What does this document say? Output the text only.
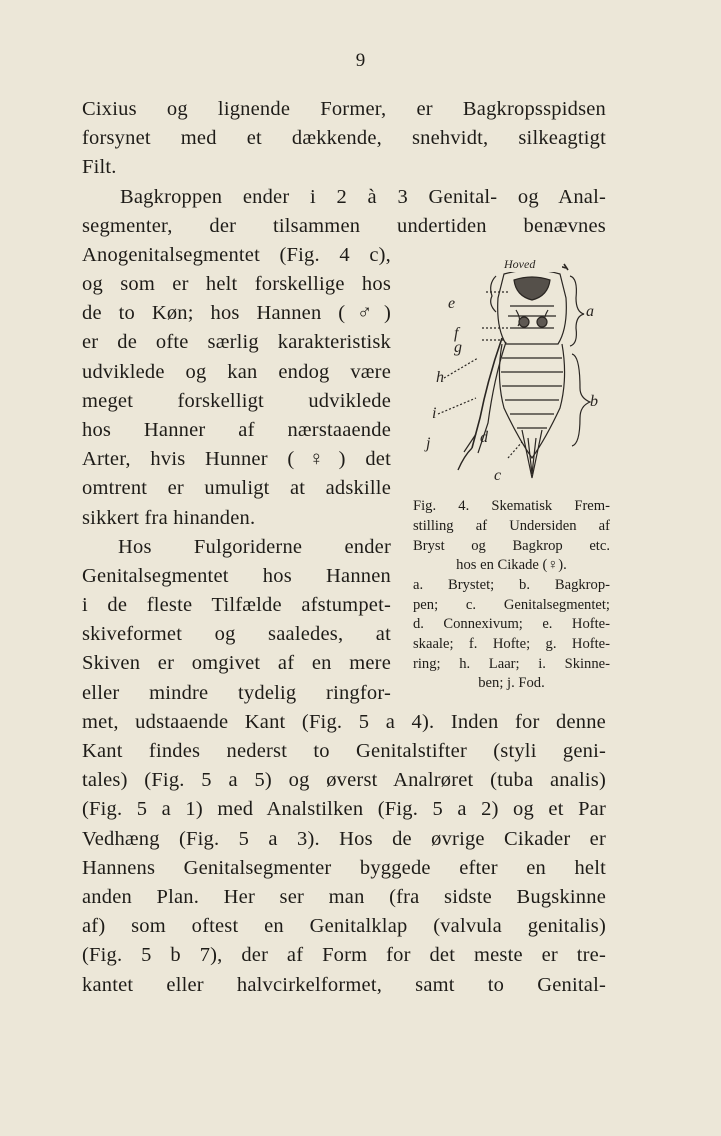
9
Cixius og lignende Former, er Bagkropsspidsen
forsynet med et dækkende, snehvidt, silkeagtigt
Filt.
Bagkroppen ender i 2 à 3 Genital- og Anal-
segmenter, der tilsammen undertiden benævnes
Anogenitalsegmentet (Fig. 4 c),
og som er helt forskellige hos
de to Køn; hos Hannen (♂)
er de ofte særlig karakteristisk
udviklede og kan endog være
meget forskelligt udviklede
hos Hanner af nærstaaende
Arter, hvis Hunner (♀) det
omtrent er umuligt at adskille
sikkert fra hinanden.
Hos Fulgoriderne ender
Genitalsegmentet hos Hannen
i de fleste Tilfælde afstumpet-
skiveformet og saaledes, at
Skiven er omgivet af en mere
eller mindre tydelig ringfor-
met, udstaaende Kant (Fig. 5 a 4). Inden for denne
Kant findes nederst to Genitalstifter (styli geni-
tales) (Fig. 5 a 5) og øverst Analrøret (tuba analis)
(Fig. 5 a 1) med Analstilken (Fig. 5 a 2) og et Par
Vedhæng (Fig. 5 a 3). Hos de øvrige Cikader er
Hannens Genitalsegmenter byggede efter en helt
anden Plan. Her ser man (fra sidste Bugskinne
af) som oftest en Genitalklap (valvula genitalis)
(Fig. 5 b 7), der af Form for det meste er tre-
kantet eller halvcirkelformet, samt to Genital-
Hoved
a
b
c
d
e
f
g
h
i
j
Fig. 4. Skematisk Frem-
stilling af Undersiden af
Bryst og Bagkrop etc.
hos en Cikade (♀).
a. Brystet; b. Bagkrop-
pen; c. Genitalsegmentet;
d. Connexivum; e. Hofte-
skaale; f. Hofte; g. Hofte-
ring; h. Laar; i. Skinne-
ben; j. Fod.
